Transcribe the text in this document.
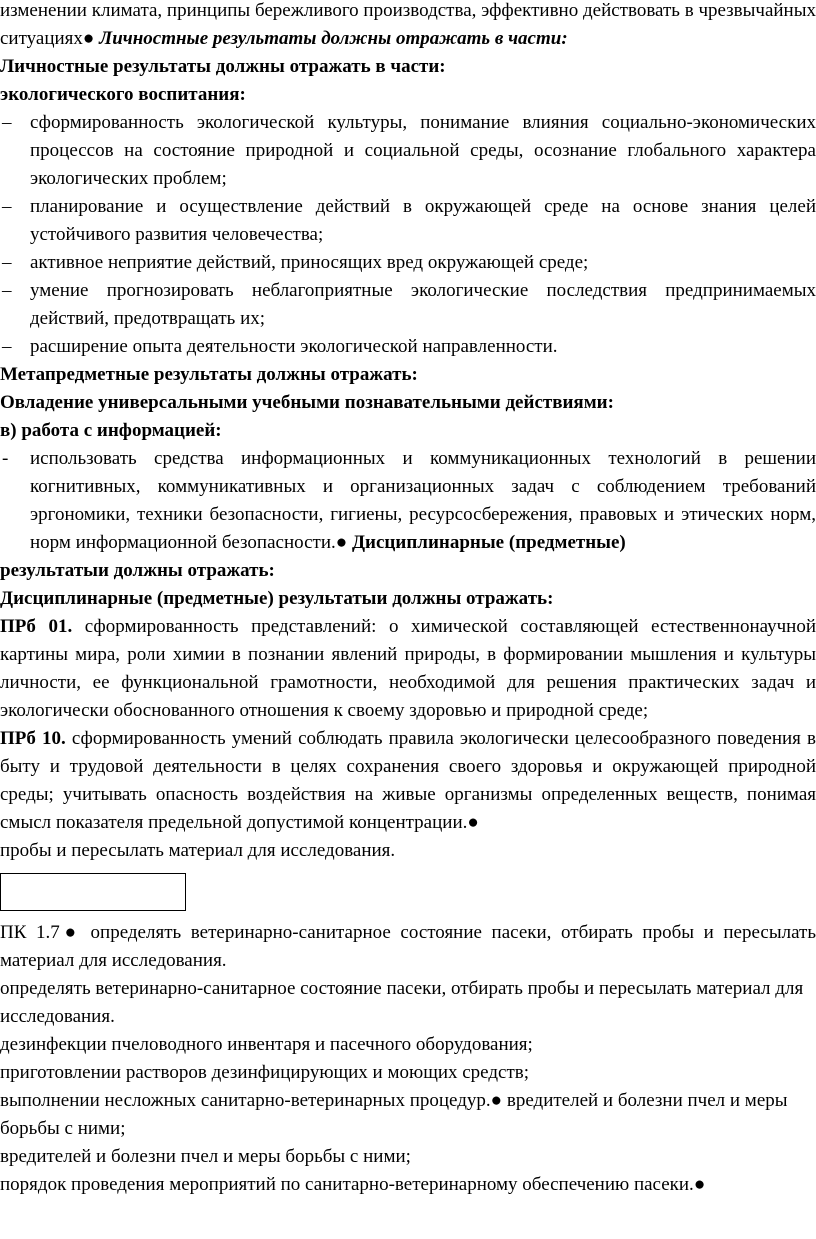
изменении климата, принципы бережливого производства, эффективно действовать в чрезвычайных ситуациях● Личностные результаты должны отражать в части:

Личностные результаты должны отражать в части:

экологического воспитания:

– сформированность экологической культуры, понимание влияния социально-экономических процессов на состояние природной и социальной среды, осознание глобального характера экологических проблем;

– планирование и осуществление действий в окружающей среде на основе знания целей устойчивого развития человечества;

– активное неприятие действий, приносящих вред окружающей среде;

– умение прогнозировать неблагоприятные экологические последствия предпринимаемых действий, предотвращать их;

– расширение опыта деятельности экологической направленности.

Метапредметные результаты должны отражать:

Овладение универсальными учебными познавательными действиями:

в) работа с информацией:

- использовать средства информационных и коммуникационных технологий в решении когнитивных, коммуникативных и организационных задач с соблюдением требований эргономики, техники безопасности, гигиены, ресурсосбережения, правовых и этических норм, норм информационной безопасности.● Дисциплинарные (предметные)

результатыи должны отражать:

Дисциплинарные (предметные) результатыи должны отражать:

ПРб 01. сформированность представлений: о химической составляющей естественнонаучной картины мира, роли химии в познании явлений природы, в формировании мышления и культуры личности, ее функциональной грамотности, необходимой для решения практических задач и экологически обоснованного отношения к своему здоровью и природной среде;

ПРб 10. сформированность умений соблюдать правила экологически целесообразного поведения в быту и трудовой деятельности в целях сохранения своего здоровья и окружающей природной среды; учитывать опасность воздействия на живые организмы определенных веществ, понимая смысл показателя предельной допустимой концентрации.●

пробы и пересылать материал для исследования.

ПК 1.7● определять ветеринарно-санитарное состояние пасеки, отбирать пробы и пересылать материал для исследования.

определять ветеринарно-санитарное состояние пасеки, отбирать пробы и пересылать материал для исследования.

дезинфекции пчеловодного инвентаря и пасечного оборудования;

приготовлении растворов дезинфицирующих и моющих средств;

выполнении несложных санитарно-ветеринарных процедур.● вредителей и болезни пчел и меры борьбы с ними;

вредителей и болезни пчел и меры борьбы с ними;

порядок проведения мероприятий по санитарно-ветеринарному обеспечению пасеки.●
